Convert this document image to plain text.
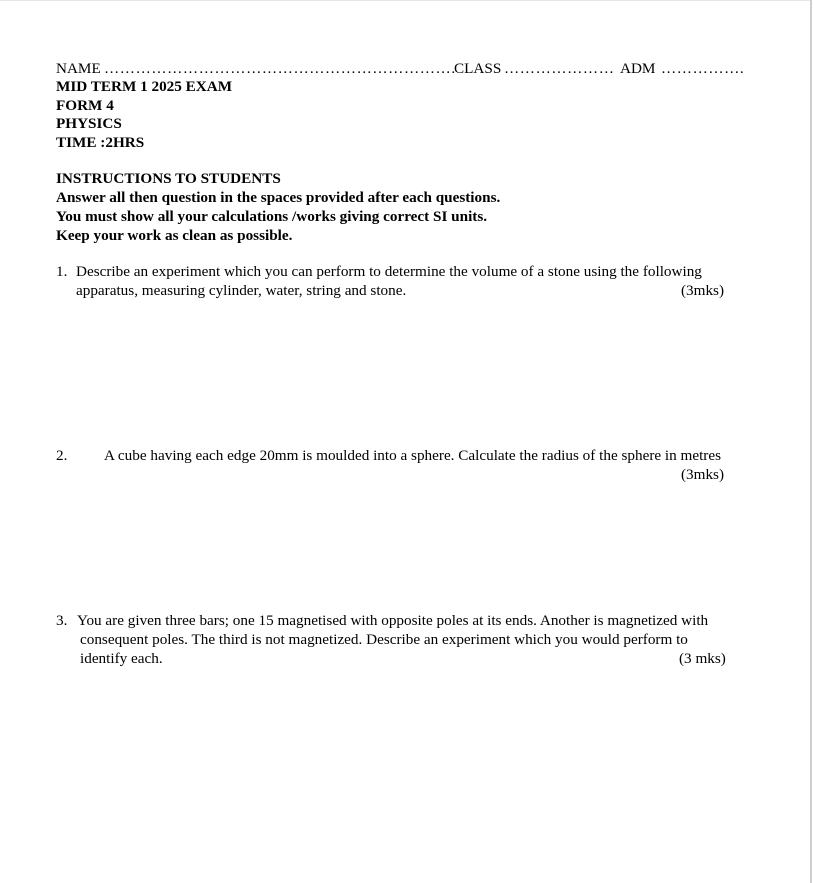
NAME ………………………………………………………….
CLASS ………………… ADM …………….
MID TERM 1 2025 EXAM
FORM 4
PHYSICS
TIME :2HRS
INSTRUCTIONS TO STUDENTS
Answer all then question in the spaces provided after each questions.
You must show all your calculations /works giving correct SI units.
Keep your work as clean as possible.
1. Describe an experiment which you can perform to determine the volume of a stone using the following
apparatus, measuring cylinder, water, string and stone.	(3mks)
2. A cube having each edge 20mm is moulded into a sphere. Calculate the radius of the sphere in metres
(3mks)
3. You are given three bars; one 15 magnetised with opposite poles at its ends. Another is magnetized with
consequent poles. The third is not magnetized. Describe an experiment which you would perform to
identify each.	(3 mks)
